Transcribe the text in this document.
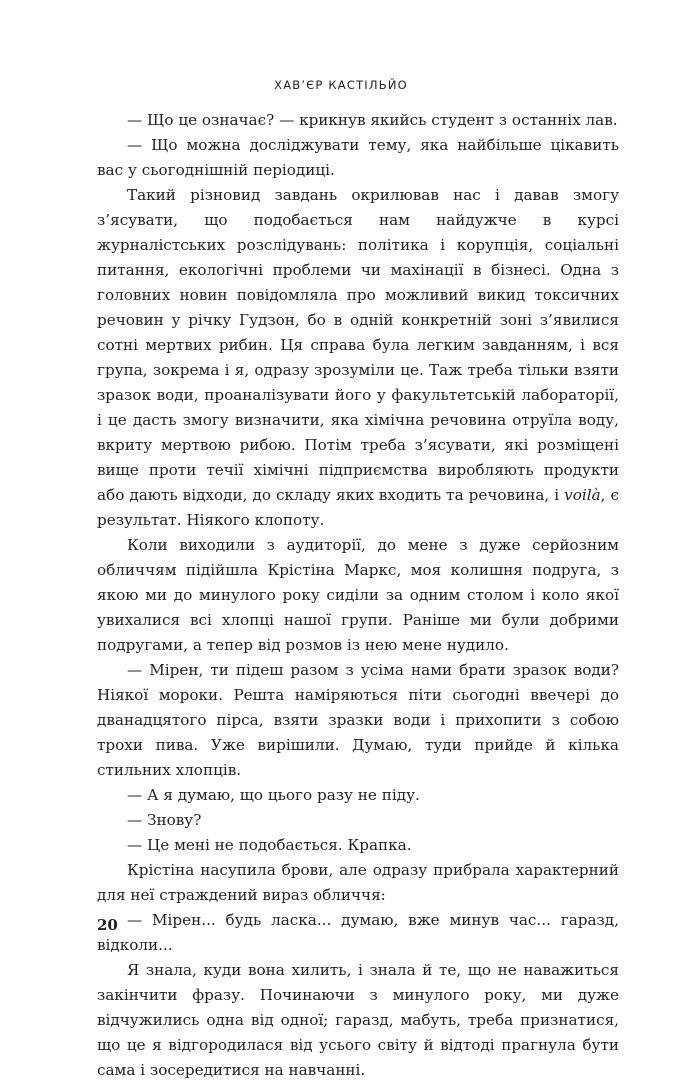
ХАВ’ЄР КАСТІЛЬЙО

— Що це означає? — крикнув якийсь студент з останніх лав.

— Що можна досліджувати тему, яка найбільше цікавить вас у сьогоднішній періодиці.

Такий різновид завдань окрилював нас і давав змогу з’ясувати, що подобається нам найдужче в курсі журналістських розслідувань: політика і корупція, соціальні питання, екологічні проблеми чи махінації в бізнесі. Одна з головних новин повідомляла про можливий викид токсичних речовин у річку Гудзон, бо в одній конкретній зоні з’явилися сотні мертвих рибин. Ця справа була легким завданням, і вся група, зокрема і я, одразу зрозуміли це. Таж треба тільки взяти зразок води, проаналізувати його у факультетській лабораторії, і це дасть змогу визначити, яка хімічна речовина отруїла воду, вкриту мертвою рибою. Потім треба з’ясувати, які розміщені вище проти течії хімічні підприємства виробляють продукти або дають відходи, до складу яких входить та речовина, і voilà, є результат. Ніякого клопоту.

Коли виходили з аудиторії, до мене з дуже серйозним обличчям підійшла Крістіна Маркс, моя колишня подруга, з якою ми до минулого року сиділи за одним столом і коло якої увихалися всі хлопці нашої групи. Раніше ми були добрими подругами, а тепер від розмов із нею мене нудило.

— Мірен, ти підеш разом з усіма нами брати зразок води? Ніякої мороки. Решта наміряються піти сьогодні ввечері до дванадцятого пірса, взяти зразки води і прихопити з собою трохи пива. Уже вирішили. Думаю, туди прийде й кілька стильних хлопців.

— А я думаю, що цього разу не піду.

— Знову?

— Це мені не подобається. Крапка.

Крістіна насупила брови, але одразу прибрала характерний для неї страждений вираз обличчя:

— Мірен... будь ласка... думаю, вже минув час... гаразд, відколи...

Я знала, куди вона хилить, і знала й те, що не наважиться закінчити фразу. Починаючи з минулого року, ми дуже відчужились одна від одної; гаразд, мабуть, треба признатися, що це я відгородилася від усього світу й відтоді прагнула бути сама і зосередитися на навчанні.

20
